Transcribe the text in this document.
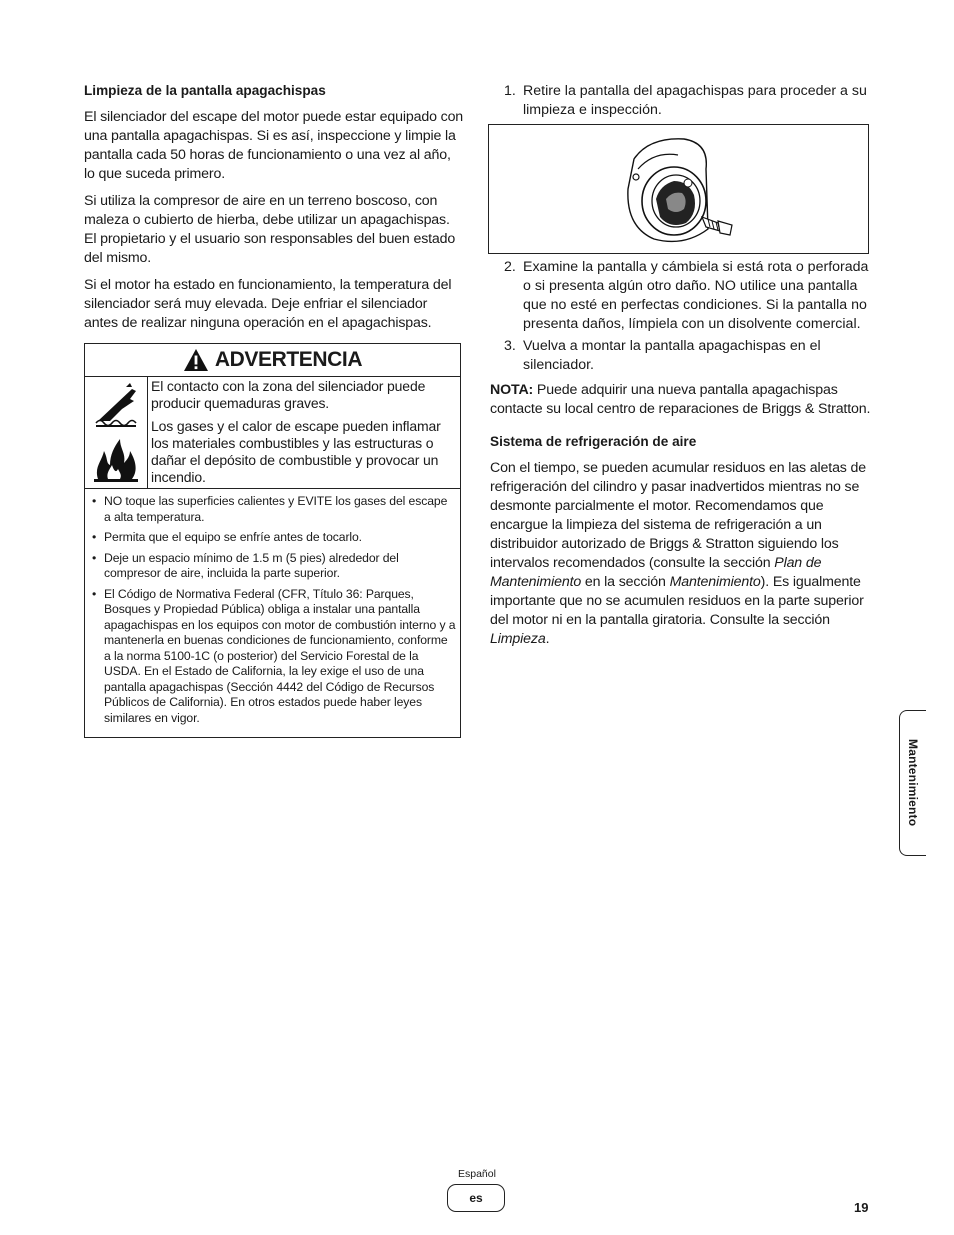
Limpieza de la pantalla apagachispas

El silenciador del escape del motor puede estar equipado con una pantalla apagachispas. Si es así, inspeccione y limpie la pantalla cada 50 horas de funcionamiento o una vez al año, lo que suceda primero.

Si utiliza la compresor de aire en un terreno boscoso, con maleza o cubierto de hierba, debe utilizar un apagachispas. El propietario y el usuario son responsables del buen estado del mismo.

Si el motor ha estado en funcionamiento, la temperatura del silenciador será muy elevada. Deje enfriar el silenciador antes de realizar ninguna operación en el apagachispas.

ADVERTENCIA

El contacto con la zona del silenciador puede producir quemaduras graves.

Los gases y el calor de escape pueden inflamar los materiales combustibles y las estructuras o dañar el depósito de combustible y provocar un incendio.

• NO toque las superficies calientes y EVITE los gases del escape a alta temperatura.
• Permita que el equipo se enfríe antes de tocarlo.
• Deje un espacio mínimo de 1.5 m (5 pies) alrededor del compresor de aire, incluida la parte superior.
• El Código de Normativa Federal (CFR, Título 36: Parques, Bosques y Propiedad Pública) obliga a instalar una pantalla apagachispas en los equipos con motor de combustión interno y a mantenerla en buenas condiciones de funcionamiento, conforme a la norma 5100-1C (o posterior) del Servicio Forestal de la USDA. En el Estado de California, la ley exige el uso de una pantalla apagachispas (Sección 4442 del Código de Recursos Públicos de California). En otros estados puede haber leyes similares en vigor.
1. Retire la pantalla del apagachispas para proceder a su limpieza e inspección.
2. Examine la pantalla y cámbiela si está rota o perforada o si presenta algún otro daño. NO utilice una pantalla que no esté en perfectas condiciones. Si la pantalla no presenta daños, límpiela con un disolvente comercial.
3. Vuelva a montar la pantalla apagachispas en el silenciador.

NOTA: Puede adquirir una nueva pantalla apagachispas contacte su local centro de reparaciones de Briggs & Stratton.

Sistema de refrigeración de aire

Con el tiempo, se pueden acumular residuos en las aletas de refrigeración del cilindro y pasar inadvertidos mientras no se desmonte parcialmente el motor. Recomendamos que encargue la limpieza del sistema de refrigeración a un distribuidor autorizado de Briggs & Stratton siguiendo los intervalos recomendados (consulte la sección Plan de Mantenimiento en la sección Mantenimiento). Es igualmente importante que no se acumulen residuos en la parte superior del motor ni en la pantalla giratoria. Consulte la sección Limpieza.

Mantenimiento
Español
es
19
